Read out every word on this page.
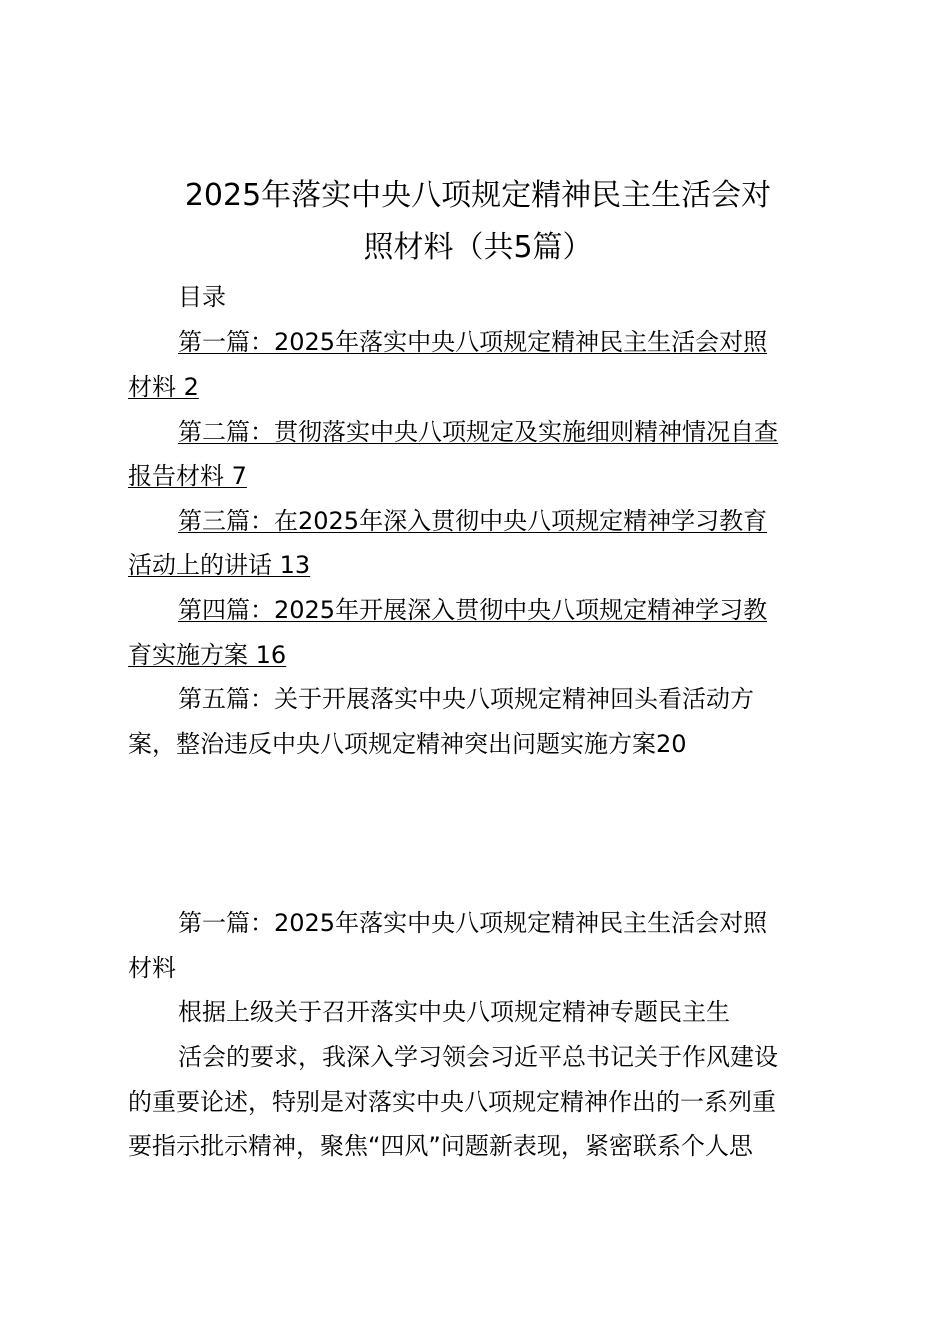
2025年落实中央八项规定精神民主生活会对
照材料（共5篇）

目录

第一篇：2025年落实中央八项规定精神民主生活会对照

材料 2

第二篇：贯彻落实中央八项规定及实施细则精神情况自查

报告材料 7

第三篇：在2025年深入贯彻中央八项规定精神学习教育

活动上的讲话 13

第四篇：2025年开展深入贯彻中央八项规定精神学习教

育实施方案 16

第五篇：关于开展落实中央八项规定精神回头看活动方

案，整治违反中央八项规定精神突出问题实施方案20

第一篇：2025年落实中央八项规定精神民主生活会对照

材料

根据上级关于召开落实中央八项规定精神专题民主生

活会的要求，我深入学习领会习近平总书记关于作风建设

的重要论述，特别是对落实中央八项规定精神作出的一系列重

要指示批示精神，聚焦“四风”问题新表现，紧密联系个人思
